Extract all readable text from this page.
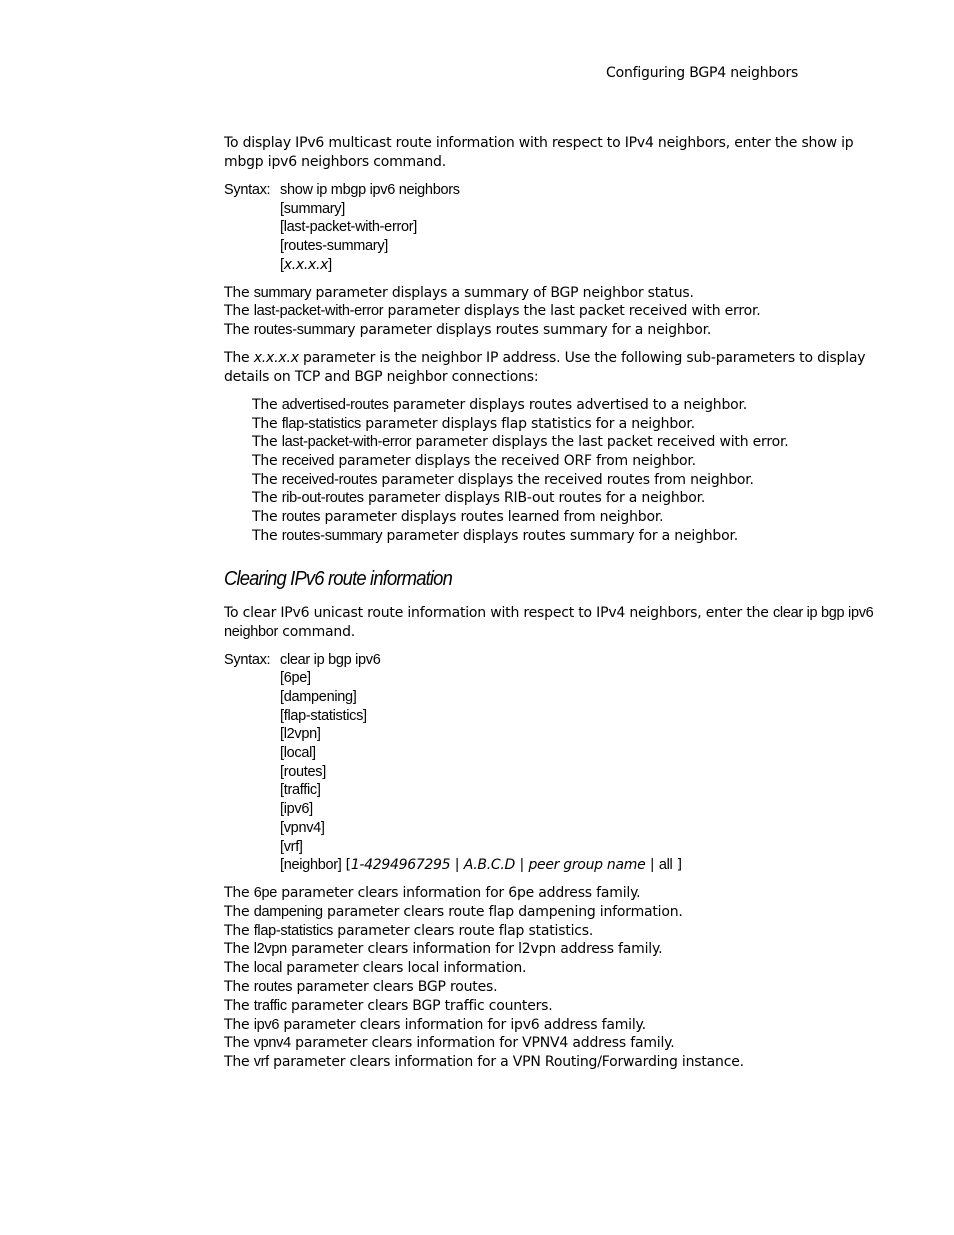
Configuring BGP4 neighbors

To display IPv6 multicast route information with respect to IPv4 neighbors, enter the show ip mbgp ipv6 neighbors command.

Syntax: show ip mbgp ipv6 neighbors
[summary]
[last-packet-with-error]
[routes-summary]
[x.x.x.x]

The summary parameter displays a summary of BGP neighbor status.

The last-packet-with-error parameter displays the last packet received with error.

The routes-summary parameter displays routes summary for a neighbor.

The x.x.x.x parameter is the neighbor IP address. Use the following sub-parameters to display details on TCP and BGP neighbor connections:

The advertised-routes parameter displays routes advertised to a neighbor.

The flap-statistics parameter displays flap statistics for a neighbor.

The last-packet-with-error parameter displays the last packet received with error.

The received parameter displays the received ORF from neighbor.

The received-routes parameter displays the received routes from neighbor.

The rib-out-routes parameter displays RIB-out routes for a neighbor.

The routes parameter displays routes learned from neighbor.

The routes-summary parameter displays routes summary for a neighbor.

Clearing IPv6 route information

To clear IPv6 unicast route information with respect to IPv4 neighbors, enter the clear ip bgp ipv6
neighbor command.

Syntax: clear ip bgp ipv6
[6pe]
[dampening]
[flap-statistics]
[l2vpn]
[local]
[routes]
[traffic]
[ipv6]
[vpnv4]
[vrf]
[neighbor] [1-4294967295 | A.B.C.D | peer group name | all ]

The 6pe parameter clears information for 6pe address family.

The dampening parameter clears route flap dampening information.

The flap-statistics parameter clears route flap statistics.

The l2vpn parameter clears information for l2vpn address family.

The local parameter clears local information.

The routes parameter clears BGP routes.

The traffic parameter clears BGP traffic counters.

The ipv6 parameter clears information for ipv6 address family.

The vpnv4 parameter clears information for VPNV4 address family.

The vrf parameter clears information for a VPN Routing/Forwarding instance.
